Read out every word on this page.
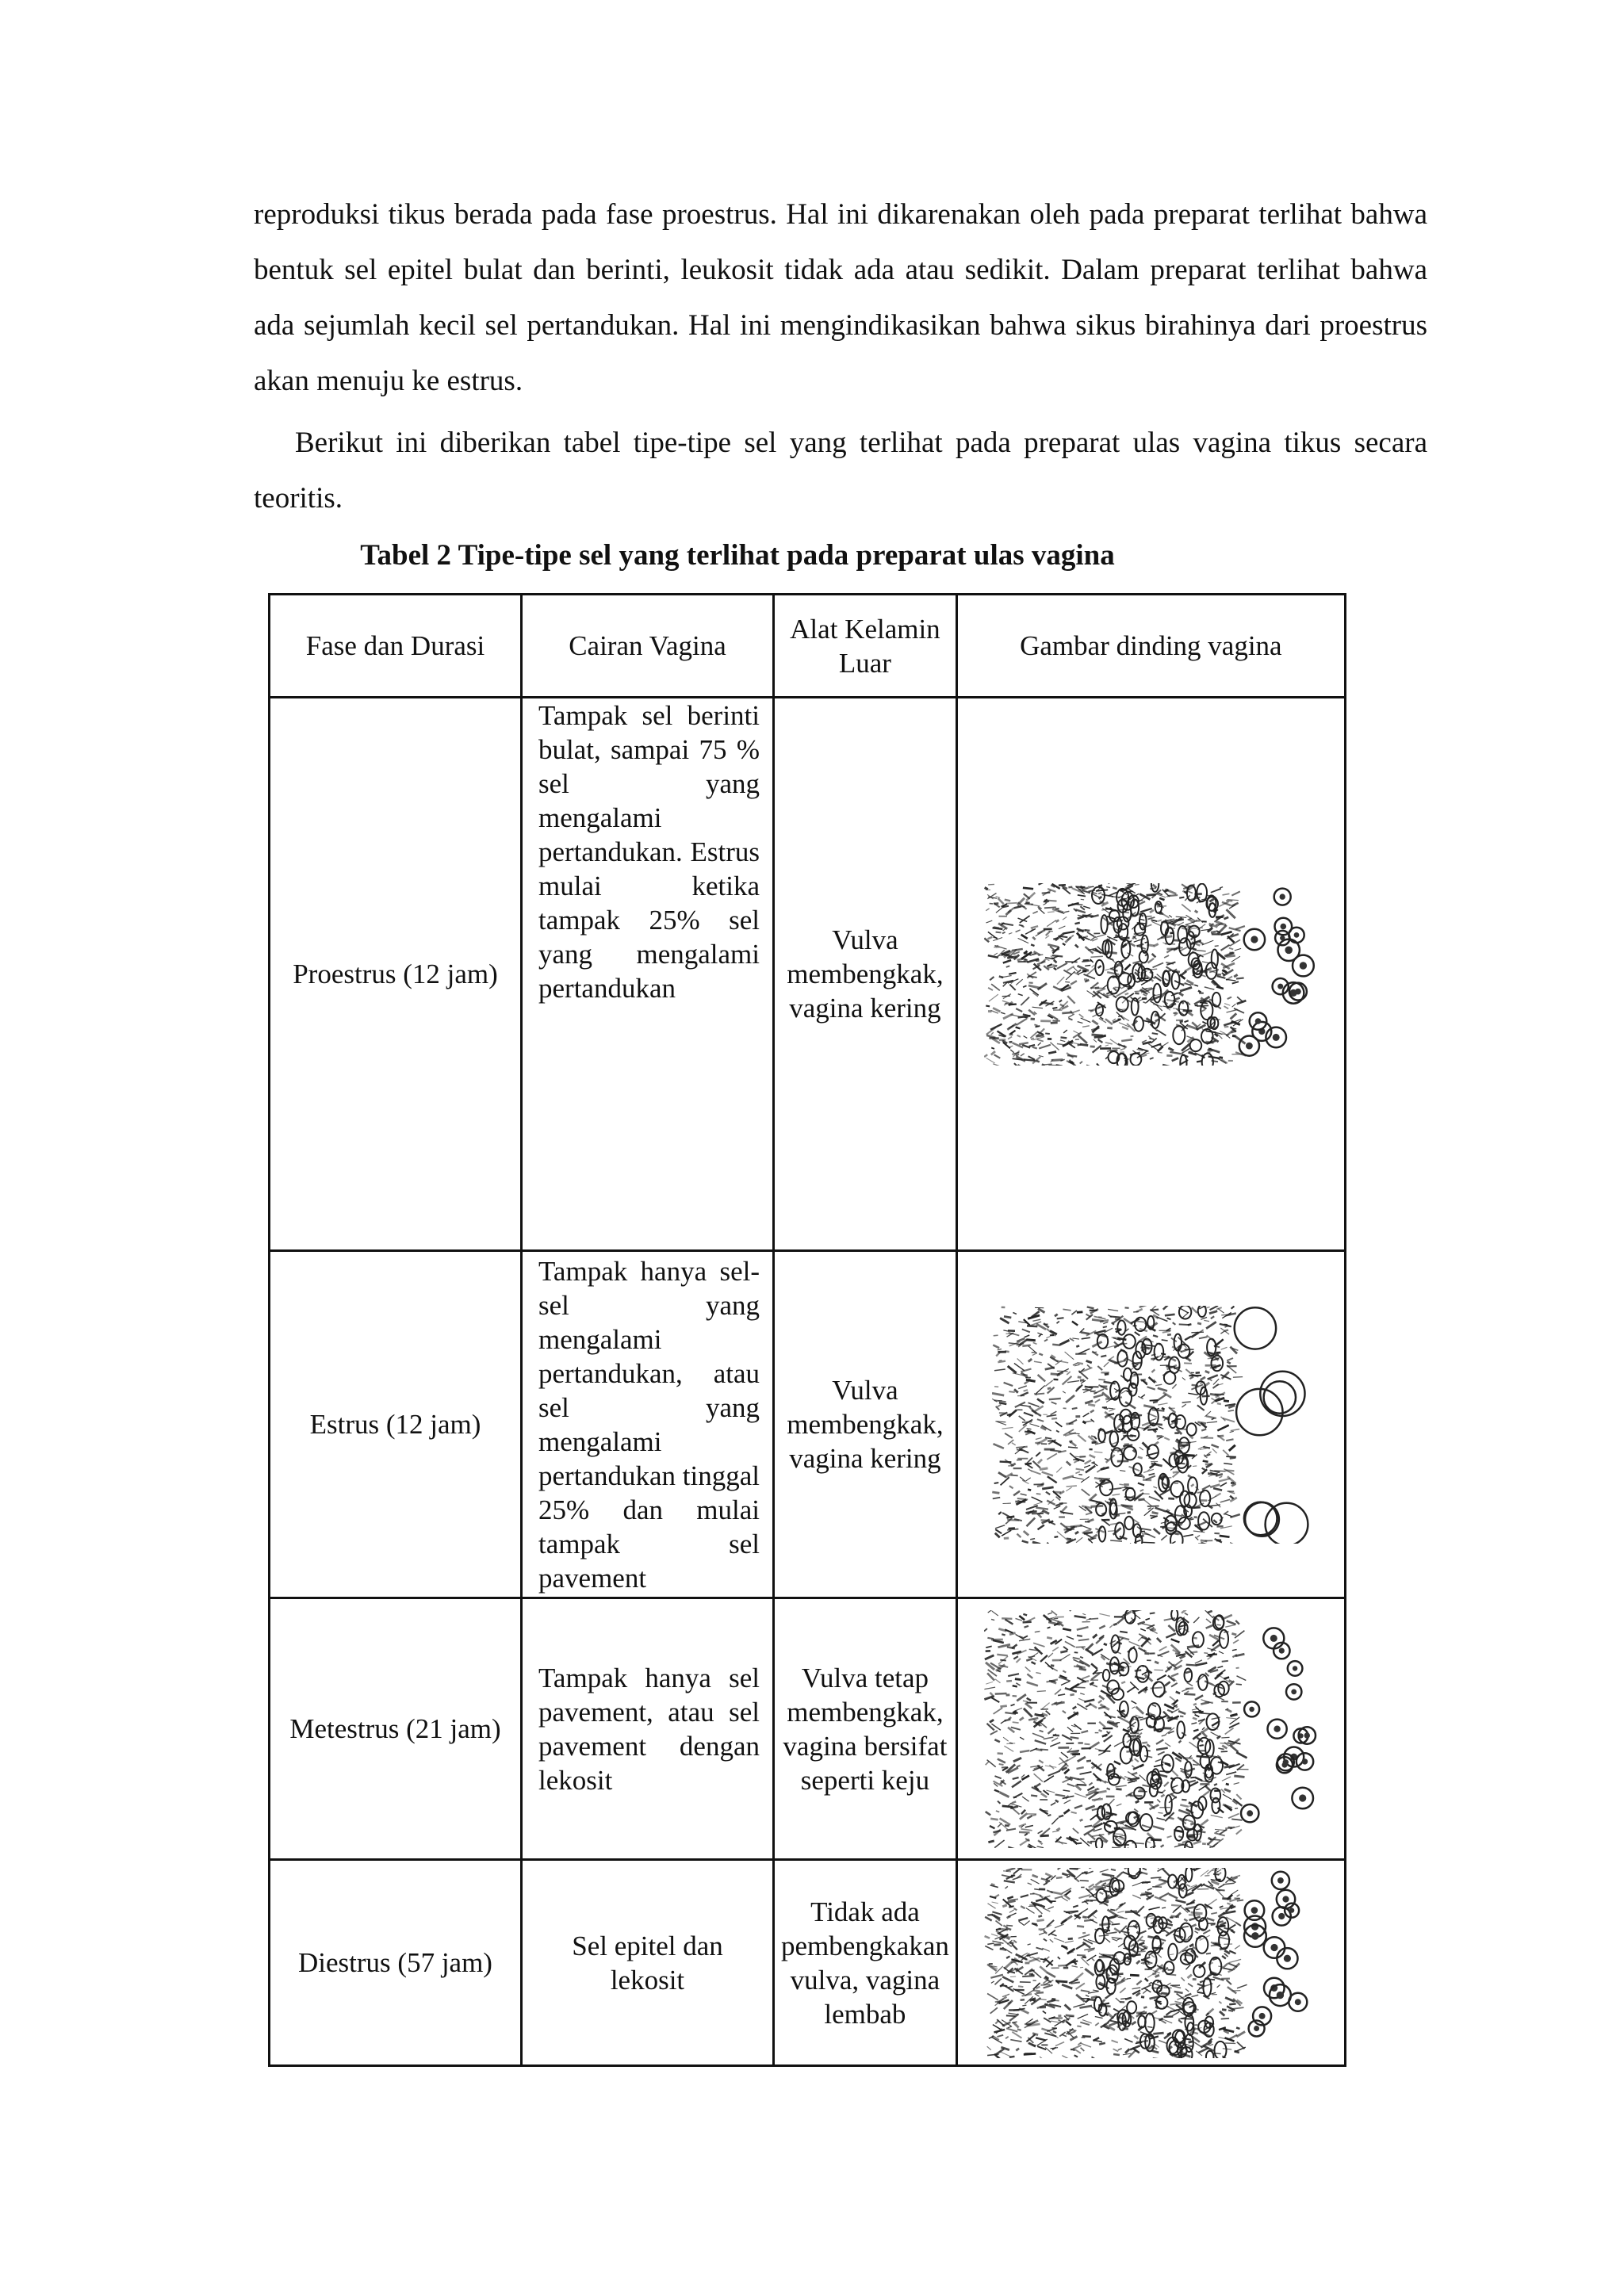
reproduksi tikus berada pada fase proestrus. Hal ini dikarenakan oleh pada preparat terlihat bahwa bentuk sel epitel bulat dan berinti, leukosit tidak ada atau sedikit. Dalam preparat terlihat bahwa ada sejumlah kecil sel pertandukan. Hal ini mengindikasikan bahwa sikus birahinya dari proestrus akan menuju ke estrus.

Berikut ini diberikan tabel tipe-tipe sel yang terlihat pada preparat ulas vagina tikus secara teoritis.

Tabel 2 Tipe-tipe sel yang terlihat pada preparat ulas vagina

Fase dan Durasi	Cairan Vagina	Alat Kelamin Luar	Gambar dinding vagina
Proestrus (12 jam)	Tampak sel berinti bulat, sampai 75 % sel yang mengalami pertandukan. Estrus mulai ketika tampak 25% sel yang mengalami pertandukan	Vulva membengkak, vagina kering	

Estrus (12 jam)	Tampak hanya sel-sel yang mengalami pertandukan, atau sel yang mengalami pertandukan tinggal 25% dan mulai tampak sel pavement	Vulva membengkak, vagina kering	

Metestrus (21 jam)	Tampak hanya sel pavement, atau sel pavement dengan lekosit	Vulva tetap membengkak, vagina bersifat seperti keju	

Diestrus (57 jam)	Sel epitel dan lekosit	Tidak ada pembengkakan vulva, vagina lembab	
